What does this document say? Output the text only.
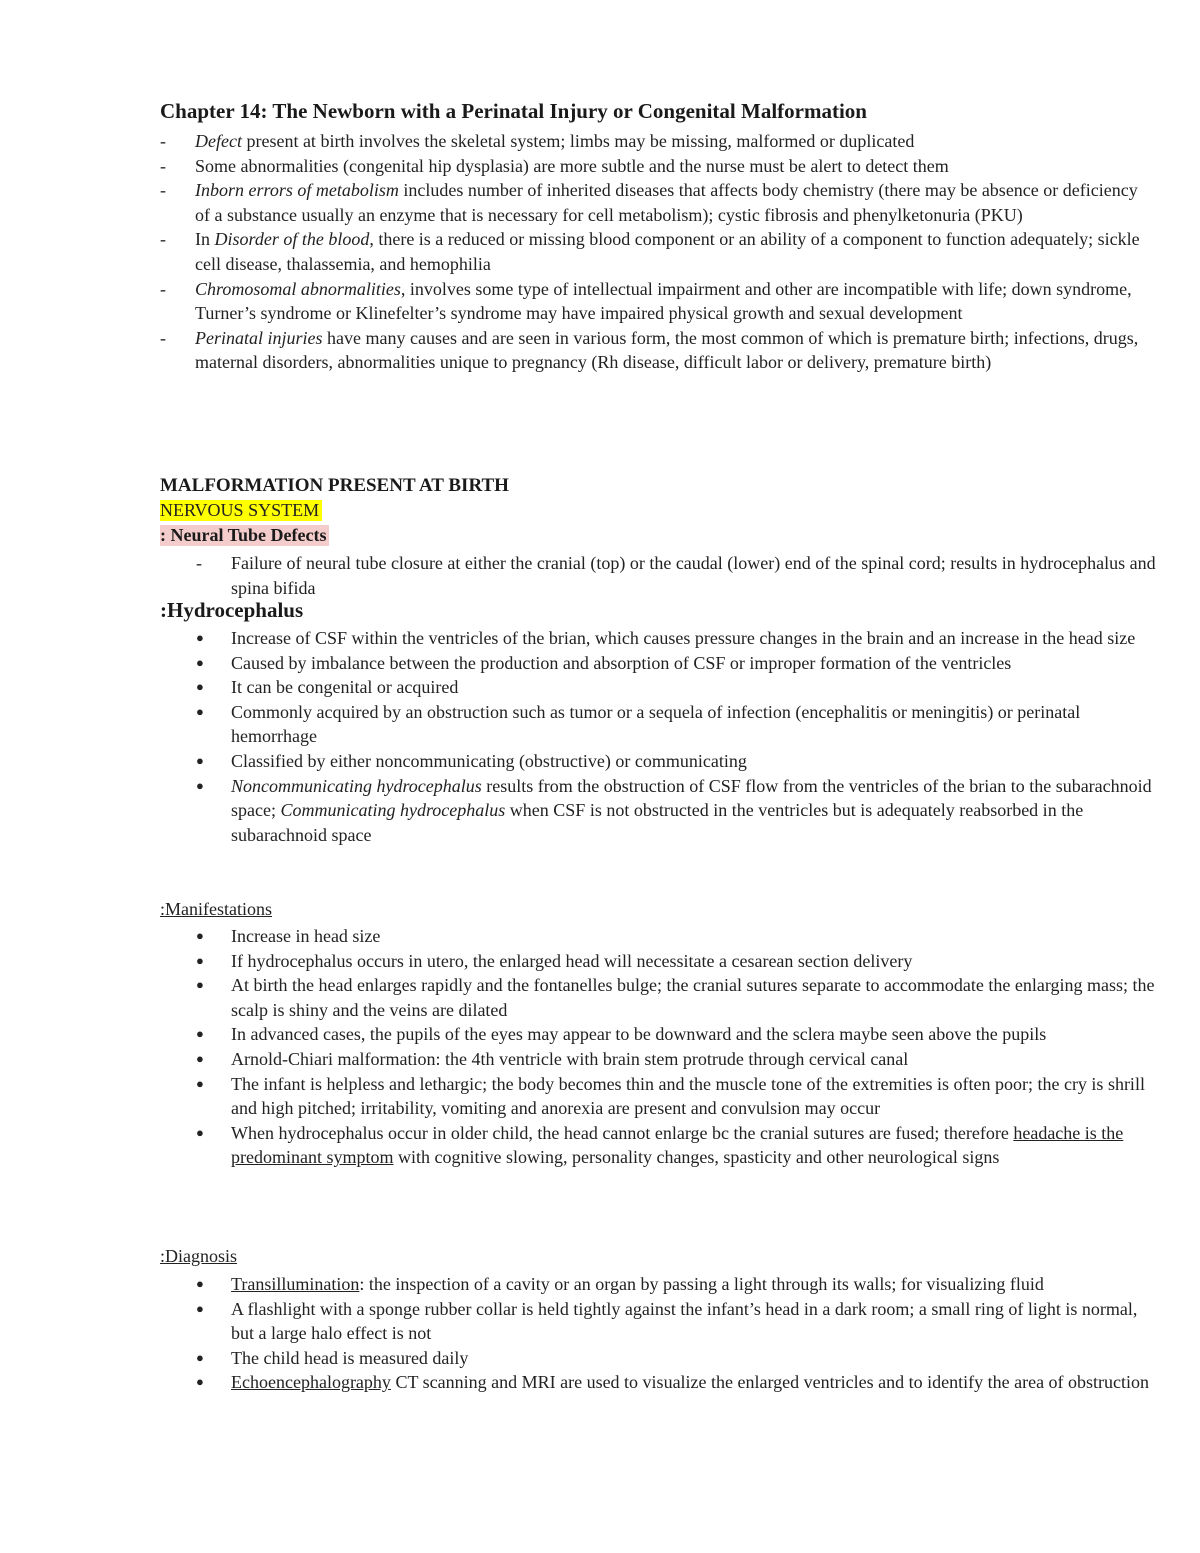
Chapter 14: The Newborn with a Perinatal Injury or Congenital Malformation
- Defect present at birth involves the skeletal system; limbs may be missing, malformed or duplicated
- Some abnormalities (congenital hip dysplasia) are more subtle and the nurse must be alert to detect them
- Inborn errors of metabolism includes number of inherited diseases that affects body chemistry (there may be absence or deficiency of a substance usually an enzyme that is necessary for cell metabolism); cystic fibrosis and phenylketonuria (PKU)
- In Disorder of the blood, there is a reduced or missing blood component or an ability of a component to function adequately; sickle cell disease, thalassemia, and hemophilia
- Chromosomal abnormalities, involves some type of intellectual impairment and other are incompatible with life; down syndrome, Turner’s syndrome or Klinefelter’s syndrome may have impaired physical growth and sexual development
- Perinatal injuries have many causes and are seen in various form, the most common of which is premature birth; infections, drugs, maternal disorders, abnormalities unique to pregnancy (Rh disease, difficult labor or delivery, premature birth)
MALFORMATION PRESENT AT BIRTH
NERVOUS SYSTEM
: Neural Tube Defects
- Failure of neural tube closure at either the cranial (top) or the caudal (lower) end of the spinal cord; results in hydrocephalus and spina bifida
:Hydrocephalus
● Increase of CSF within the ventricles of the brian, which causes pressure changes in the brain and an increase in the head size
● Caused by imbalance between the production and absorption of CSF or improper formation of the ventricles
● It can be congenital or acquired
● Commonly acquired by an obstruction such as tumor or a sequela of infection (encephalitis or meningitis) or perinatal hemorrhage
● Classified by either noncommunicating (obstructive) or communicating
● Noncommunicating hydrocephalus results from the obstruction of CSF flow from the ventricles of the brian to the subarachnoid space; Communicating hydrocephalus when CSF is not obstructed in the ventricles but is adequately reabsorbed in the subarachnoid space
:Manifestations
● Increase in head size
● If hydrocephalus occurs in utero, the enlarged head will necessitate a cesarean section delivery
● At birth the head enlarges rapidly and the fontanelles bulge; the cranial sutures separate to accommodate the enlarging mass; the scalp is shiny and the veins are dilated
● In advanced cases, the pupils of the eyes may appear to be downward and the sclera maybe seen above the pupils
● Arnold-Chiari malformation: the 4th ventricle with brain stem protrude through cervical canal
● The infant is helpless and lethargic; the body becomes thin and the muscle tone of the extremities is often poor; the cry is shrill and high pitched; irritability, vomiting and anorexia are present and convulsion may occur
● When hydrocephalus occur in older child, the head cannot enlarge bc the cranial sutures are fused; therefore headache is the predominant symptom with cognitive slowing, personality changes, spasticity and other neurological signs
:Diagnosis
● Transillumination: the inspection of a cavity or an organ by passing a light through its walls; for visualizing fluid
● A flashlight with a sponge rubber collar is held tightly against the infant’s head in a dark room; a small ring of light is normal, but a large halo effect is not
● The child head is measured daily
● Echoencephalography CT scanning and MRI are used to visualize the enlarged ventricles and to identify the area of obstruction
